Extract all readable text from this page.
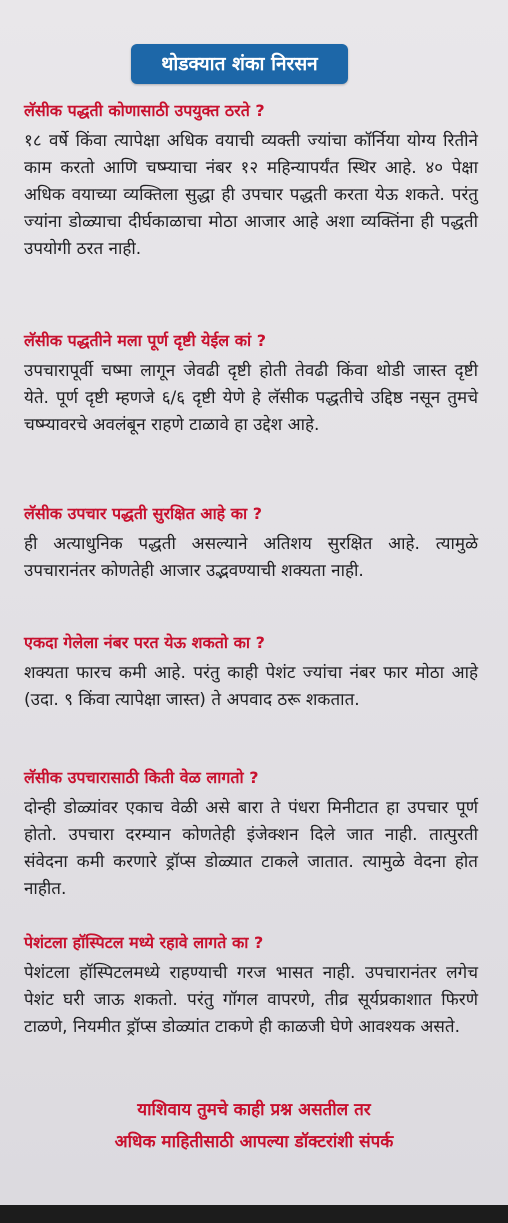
थोडक्यात शंका निरसन

लॅसीक पद्धती कोणासाठी उपयुक्त ठरते ?

१८ वर्षे किंवा त्यापेक्षा अधिक वयाची व्यक्ती ज्यांचा कॉर्निया योग्य रितीने काम करतो आणि चष्म्याचा नंबर १२ महिन्यापर्यंत स्थिर आहे. ४० पेक्षा अधिक वयाच्या व्यक्तिला सुद्धा ही उपचार पद्धती करता येऊ शकते. परंतु ज्यांना डोळ्याचा दीर्घकाळाचा मोठा आजार आहे अशा व्यक्तिंना ही पद्धती उपयोगी ठरत नाही.

लॅसीक पद्धतीने मला पूर्ण दृष्टी येईल कां ?

उपचारापूर्वी चष्मा लागून जेवढी दृष्टी होती तेवढी किंवा थोडी जास्त दृष्टी येते. पूर्ण दृष्टी म्हणजे ६/६ दृष्टी येणे हे लॅसीक पद्धतीचे उद्दिष्ठ नसून तुमचे चष्म्यावरचे अवलंबून राहणे टाळावे हा उद्देश आहे.

लॅसीक उपचार पद्धती सुरक्षित आहे का ?

ही अत्याधुनिक पद्धती असल्याने अतिशय सुरक्षित आहे. त्यामुळे उपचारानंतर कोणतेही आजार उद्भवण्याची शक्यता नाही.

एकदा गेलेला नंबर परत येऊ शकतो का ?

शक्यता फारच कमी आहे. परंतु काही पेशंट ज्यांचा नंबर फार मोठा आहे (उदा. ९ किंवा त्यापेक्षा जास्त) ते अपवाद ठरू शकतात.

लॅसीक उपचारासाठी किती वेळ लागतो ?

दोन्ही डोळ्यांवर एकाच वेळी असे बारा ते पंधरा मिनीटात हा उपचार पूर्ण होतो. उपचारा दरम्यान कोणतेही इंजेक्शन दिले जात नाही. तात्पुरती संवेदना कमी करणारे ड्रॉप्स डोळ्यात टाकले जातात. त्यामुळे वेदना होत नाहीत.

पेशंटला हॉस्पिटल मध्ये रहावे लागते का ?

पेशंटला हॉस्पिटलमध्ये राहण्याची गरज भासत नाही. उपचारानंतर लगेच पेशंट घरी जाऊ शकतो. परंतु गॉगल वापरणे, तीव्र सूर्यप्रकाशात फिरणे टाळणे, नियमीत ड्रॉप्स डोळ्यांत टाकणे ही काळजी घेणे आवश्यक असते.

याशिवाय तुमचे काही प्रश्न असतील तर
अधिक माहितीसाठी आपल्या डॉक्टरांशी संपर्क
